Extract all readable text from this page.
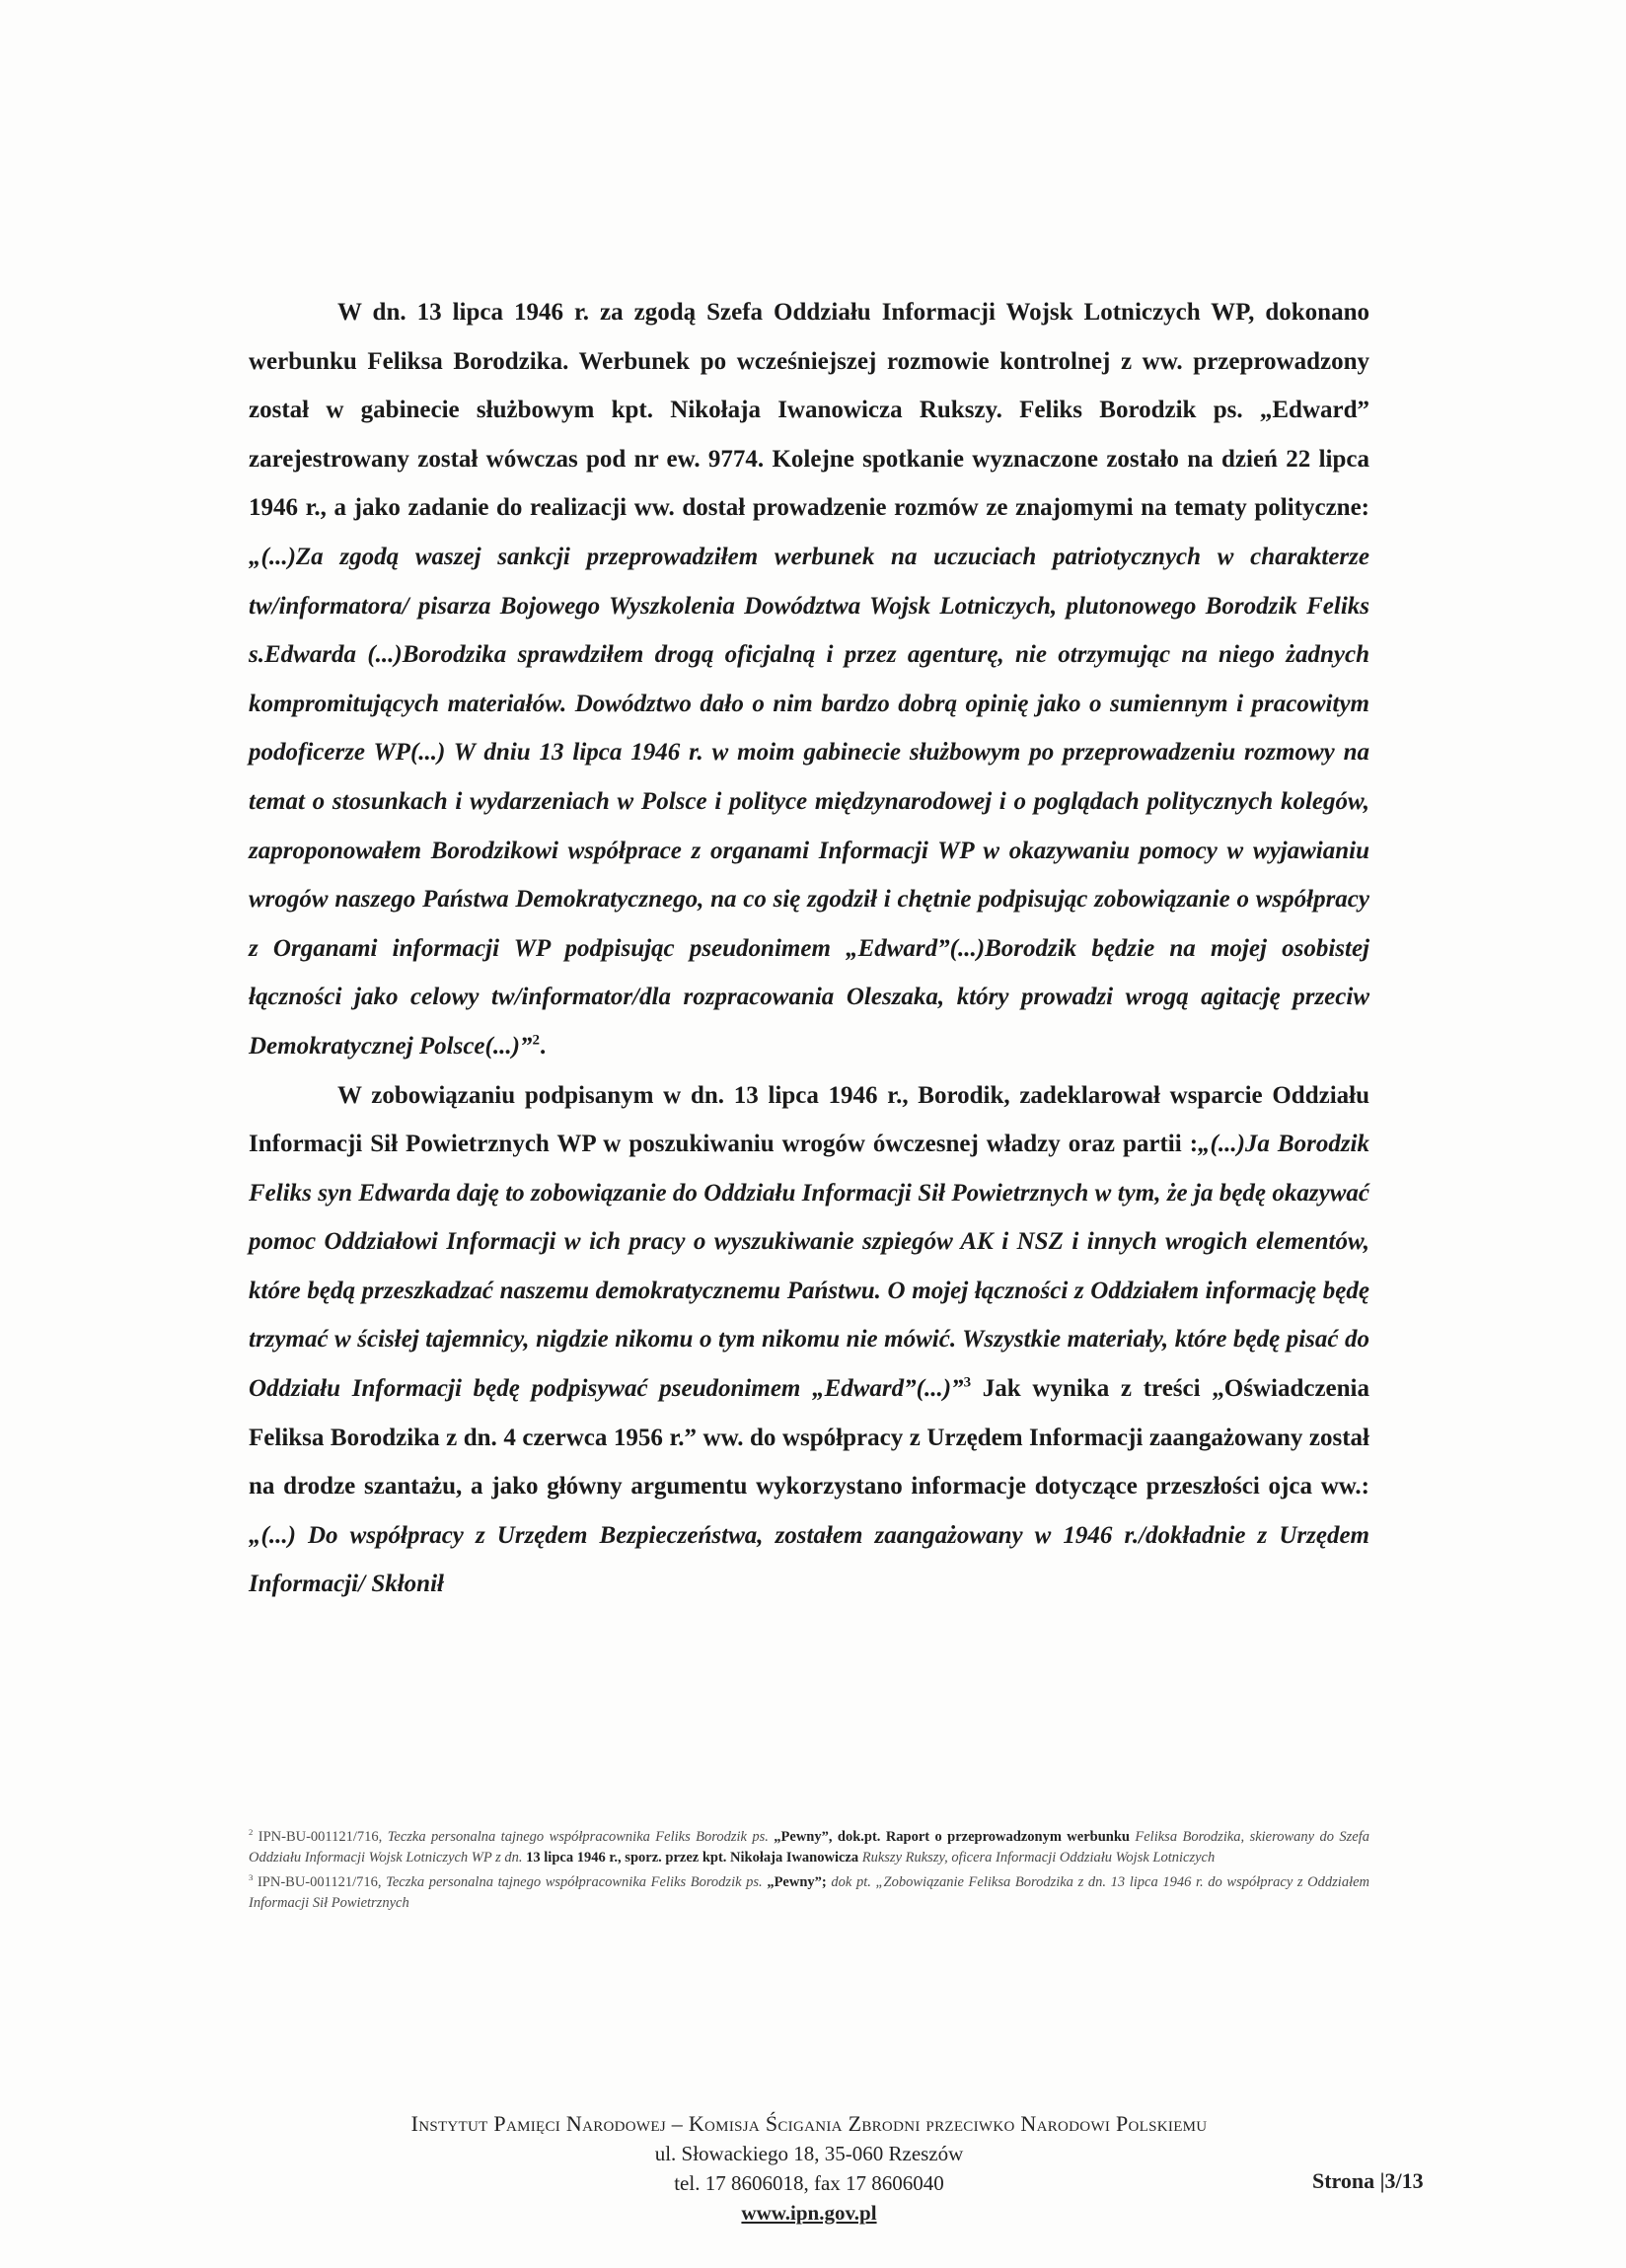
W dn. 13 lipca 1946 r. za zgodą Szefa Oddziału Informacji Wojsk Lotniczych WP, dokonano werbunku Feliksa Borodzika. Werbunek po wcześniejszej rozmowie kontrolnej z ww. przeprowadzony został w gabinecie służbowym kpt. Nikołaja Iwanowicza Rukszy. Feliks Borodzik ps. „Edward” zarejestrowany został wówczas pod nr ew. 9774. Kolejne spotkanie wyznaczone zostało na dzień 22 lipca 1946 r., a jako zadanie do realizacji ww. dostał prowadzenie rozmów ze znajomymi na tematy polityczne: „(...)Za zgodą waszej sankcji przeprowadziłem werbunek na uczuciach patriotycznych w charakterze tw/informatora/ pisarza Bojowego Wyszkolenia Dowództwa Wojsk Lotniczych, plutonowego Borodzik Feliks s.Edwarda (...)Borodzika sprawdziłem drogą oficjalną i przez agenturę, nie otrzymując na niego żadnych kompromitujących materiałów. Dowództwo dało o nim bardzo dobrą opinię jako o sumiennym i pracowitym podoficerze WP(...) W dniu 13 lipca 1946 r. w moim gabinecie służbowym po przeprowadzeniu rozmowy na temat o stosunkach i wydarzeniach w Polsce i polityce międzynarodowej i o poglądach politycznych kolegów, zaproponowałem Borodzikowi współprace z organami Informacji WP w okazywaniu pomocy w wyjawianiu wrogów naszego Państwa Demokratycznego, na co się zgodził i chętnie podpisując zobowiązanie o współpracy z Organami informacji WP podpisując pseudonimem „Edward”(...)Borodzik będzie na mojej osobistej łączności jako celowy tw/informator/dla rozpracowania Oleszaka, który prowadzi wrogą agitację przeciw Demokratycznej Polsce(...)”$^2$.

W zobowiązaniu podpisanym w dn. 13 lipca 1946 r., Borodik, zadeklarował wsparcie Oddziału Informacji Sił Powietrznych WP w poszukiwaniu wrogów ówczesnej władzy oraz partii :„(...)Ja Borodzik Feliks syn Edwarda daję to zobowiązanie do Oddziału Informacji Sił Powietrznych w tym, że ja będę okazywać pomoc Oddziałowi Informacji w ich pracy o wyszukiwanie szpiegów AK i NSZ i innych wrogich elementów, które będą przeszkadzać naszemu demokratycznemu Państwu. O mojej łączności z Oddziałem informację będę trzymać w ścisłej tajemnicy, nigdzie nikomu o tym nikomu nie mówić. Wszystkie materiały, które będę pisać do Oddziału Informacji będę podpisywać pseudonimem „Edward”(...)”$^3$ Jak wynika z treści „Oświadczenia Feliksa Borodzika z dn. 4 czerwca 1956 r.” ww. do współpracy z Urzędem Informacji zaangażowany został na drodze szantażu, a jako główny argumentu wykorzystano informacje dotyczące przeszłości ojca ww.:„(...) Do współpracy z Urzędem Bezpieczeństwa, zostałem zaangażowany w 1946 r./dokładnie z Urzędem Informacji/ Skłonił

$^2$ IPN-BU-001121/716, Teczka personalna tajnego współpracownika Feliks Borodzik ps. „Pewny”, dok.pt. Raport o przeprowadzonym werbunku Feliksa Borodzika, skierowany do Szefa Oddziału Informacji Wojsk Lotniczych WP z dn. 13 lipca 1946 r., sporz. przez kpt. Nikołaja Iwanowicza Rukszy Rukszy, oficera Informacji Oddziału Wojsk Lotniczych

$^3$ IPN-BU-001121/716, Teczka personalna tajnego współpracownika Feliks Borodzik ps. „Pewny”; dok pt. „Zobowiązanie Feliksa Borodzika z dn. 13 lipca 1946 r. do współpracy z Oddziałem Informacji Sił Powietrznych

Instytut Pamięci Narodowej – Komisja Ścigania Zbrodni przeciwko Narodowi Polskiemu
ul. Słowackiego 18, 35-060 Rzeszów
tel. 17 8606018, fax 17 8606040
www.ipn.gov.pl
Strona |3/13
